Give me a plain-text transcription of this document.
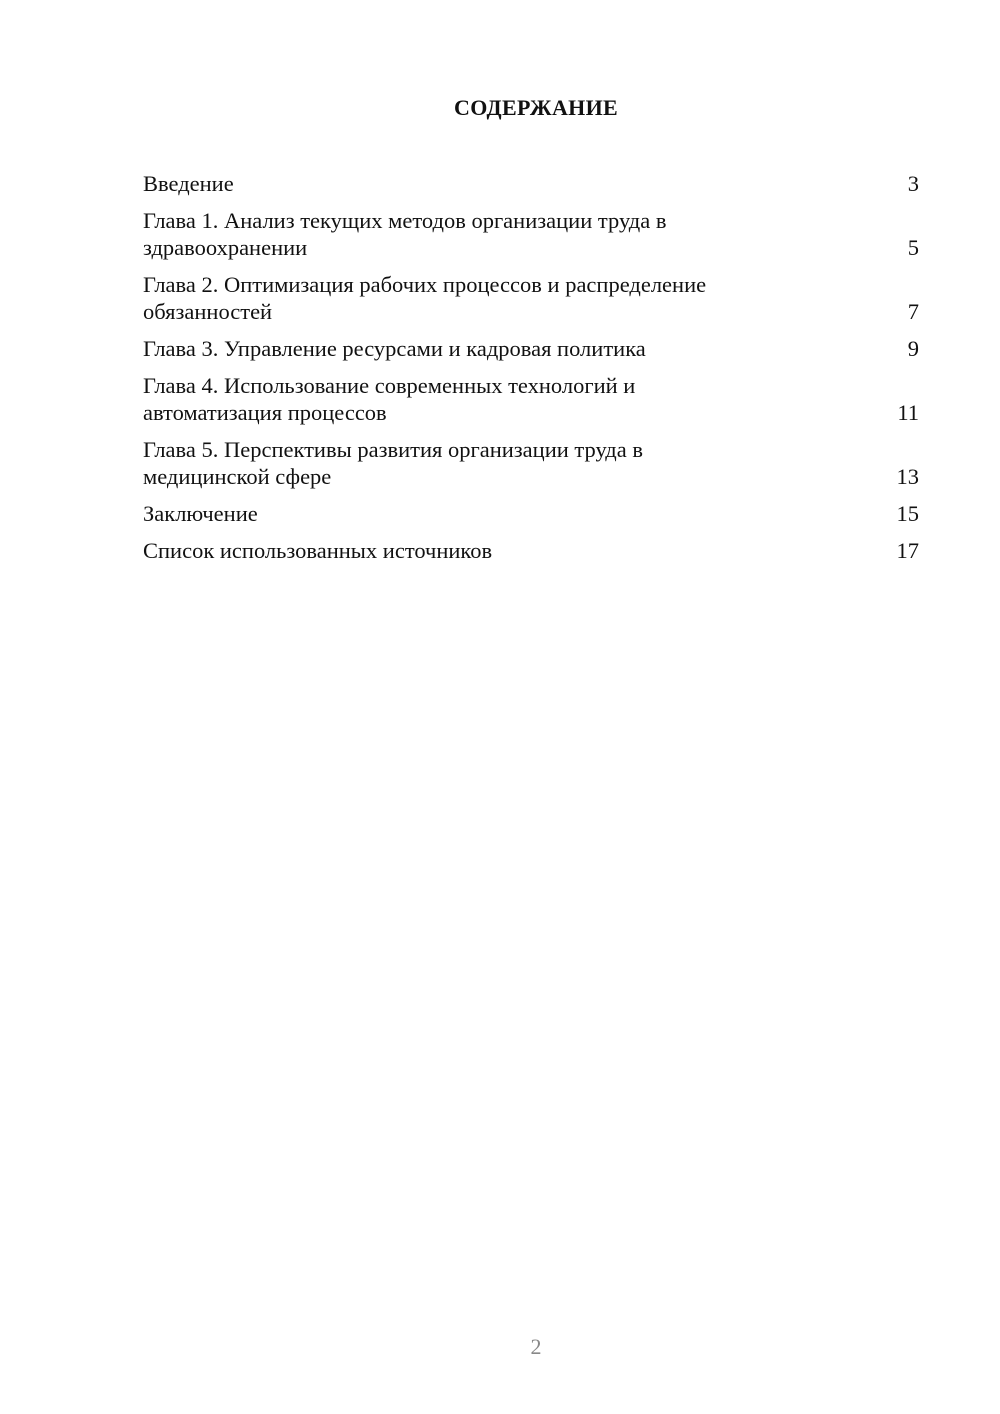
СОДЕРЖАНИЕ
Введение	3
Глава 1. Анализ текущих методов организации труда в
здравоохранении	5
Глава 2. Оптимизация рабочих процессов и распределение
обязанностей	7
Глава 3. Управление ресурсами и кадровая политика	9
Глава 4. Использование современных технологий и
автоматизация процессов	11
Глава 5. Перспективы развития организации труда в
медицинской сфере	13
Заключение	15
Список использованных источников	17
2
